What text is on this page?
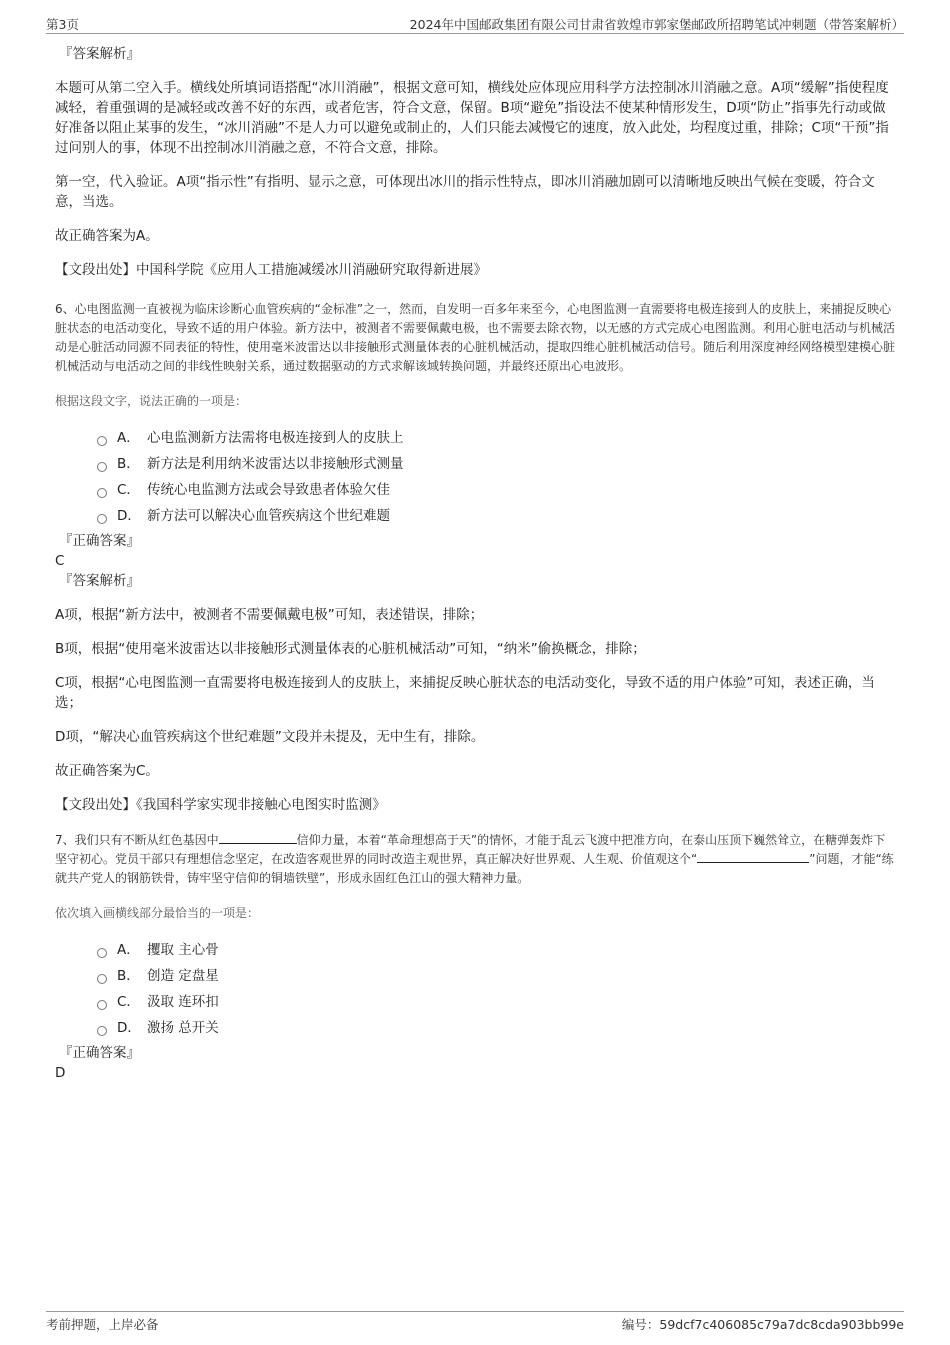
第3页	2024年中国邮政集团有限公司甘肃省敦煌市郭家堡邮政所招聘笔试冲刺题（带答案解析）
『答案解析』
本题可从第二空入手。横线处所填词语搭配“冰川消融”，根据文意可知，横线处应体现应用科学方法控制冰川消融之意。A项“缓解”指使程度减轻，着重强调的是减轻或改善不好的东西，或者危害，符合文意，保留。B项“避免”指设法不使某种情形发生，D项“防止”指事先行动或做好准备以阻止某事的发生，“冰川消融”不是人力可以避免或制止的，人们只能去减慢它的速度，放入此处，均程度过重，排除；C项“干预”指过问别人的事，体现不出控制冰川消融之意，不符合文意，排除。
第一空，代入验证。A项“指示性”有指明、显示之意，可体现出冰川的指示性特点，即冰川消融加剧可以清晰地反映出气候在变暖，符合文意，当选。
故正确答案为A。
【文段出处】中国科学院《应用人工措施减缓冰川消融研究取得新进展》
6、心电图监测一直被视为临床诊断心血管疾病的“金标准”之一，然而，自发明一百多年来至今，心电图监测一直需要将电极连接到人的皮肤上，来捕捉反映心脏状态的电活动变化，导致不适的用户体验。新方法中，被测者不需要佩戴电极，也不需要去除衣物，以无感的方式完成心电图监测。利用心脏电活动与机械活动是心脏活动同源不同表征的特性，使用毫米波雷达以非接触形式测量体表的心脏机械活动，提取四维心脏机械活动信号。随后利用深度神经网络模型建模心脏机械活动与电活动之间的非线性映射关系，通过数据驱动的方式求解该域转换问题，并最终还原出心电波形。
根据这段文字，说法正确的一项是：
A． 心电监测新方法需将电极连接到人的皮肤上
B． 新方法是利用纳米波雷达以非接触形式测量
C． 传统心电监测方法或会导致患者体验欠佳
D． 新方法可以解决心血管疾病这个世纪难题
『正确答案』
C
『答案解析』
A项，根据“新方法中，被测者不需要佩戴电极”可知，表述错误，排除；
B项，根据“使用毫米波雷达以非接触形式测量体表的心脏机械活动”可知，“纳米”偷换概念，排除；
C项，根据“心电图监测一直需要将电极连接到人的皮肤上，来捕捉反映心脏状态的电活动变化，导致不适的用户体验”可知，表述正确，当选；
D项，“解决心血管疾病这个世纪难题”文段并未提及，无中生有，排除。
故正确答案为C。
【文段出处】《我国科学家实现非接触心电图实时监测》
7、我们只有不断从红色基因中	信仰力量，本着“革命理想高于天”的情怀，才能于乱云飞渡中把准方向，在泰山压顶下巍然耸立，在糖弹轰炸下坚守初心。党员干部只有理想信念坚定，在改造客观世界的同时改造主观世界，真正解决好世界观、人生观、价值观这个“	”问题，才能“练就共产党人的钢筋铁骨，铸牢坚守信仰的铜墙铁壁”，形成永固红色江山的强大精神力量。
依次填入画横线部分最恰当的一项是：
A． 攫取 主心骨
B． 创造 定盘星
C． 汲取 连环扣
D． 激扬 总开关
『正确答案』
D
考前押题，上岸必备	编号：59dcf7c406085c79a7dc8cda903bb99e
